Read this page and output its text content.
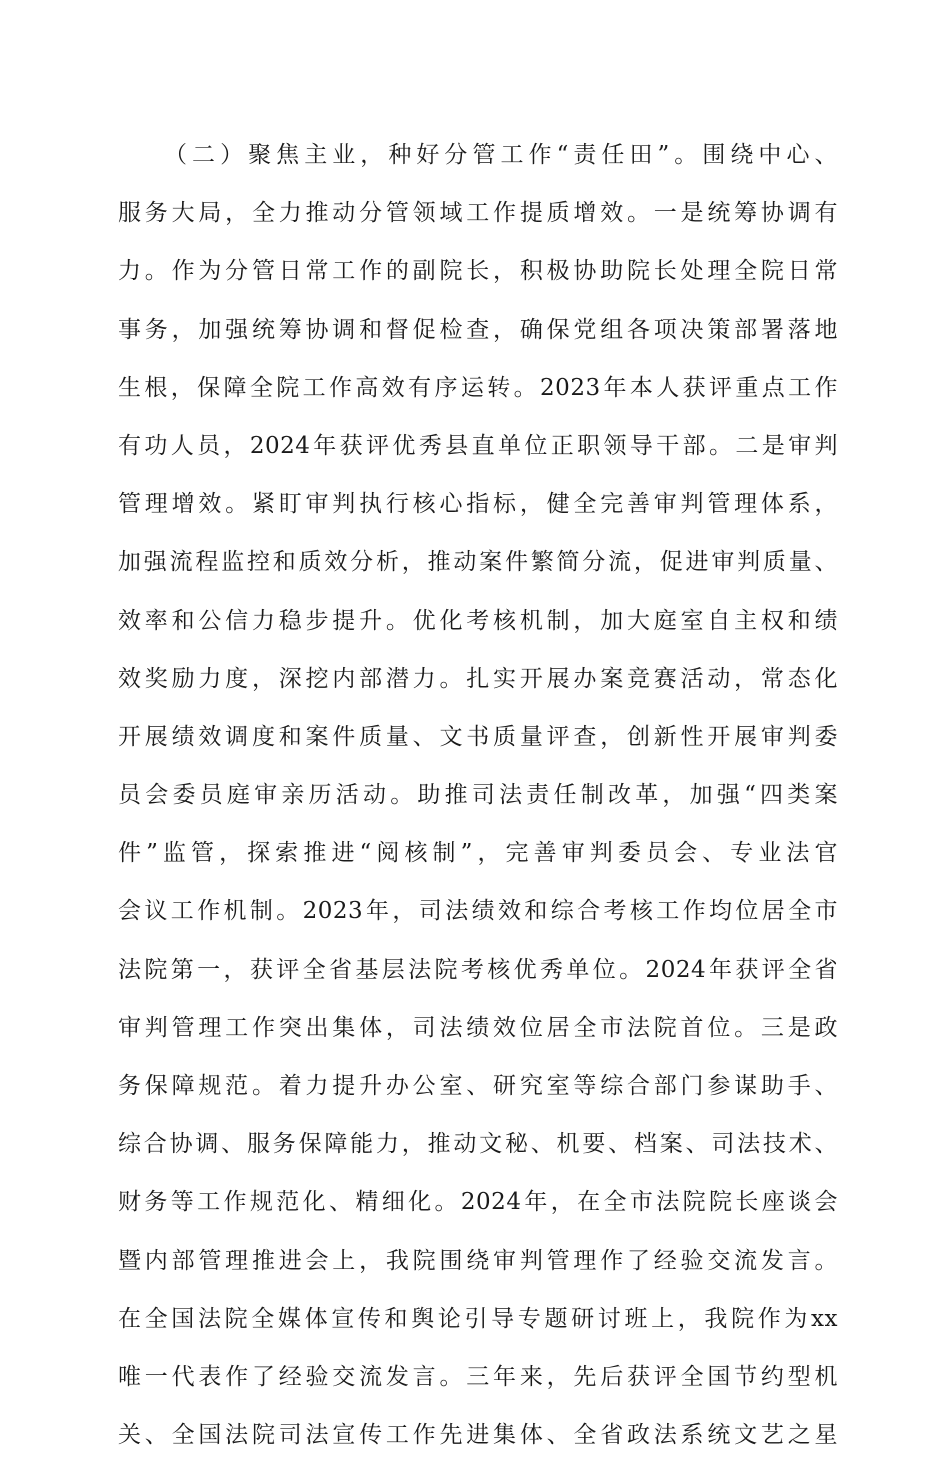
（二）聚焦主业，种好分管工作“责任田”。围绕中心、
服务大局，全力推动分管领域工作提质增效。一是统筹协调有
力。作为分管日常工作的副院长，积极协助院长处理全院日常
事务，加强统筹协调和督促检查，确保党组各项决策部署落地
生根，保障全院工作高效有序运转。2023年本人获评重点工作
有功人员，2024年获评优秀县直单位正职领导干部。二是审判
管理增效。紧盯审判执行核心指标，健全完善审判管理体系，
加强流程监控和质效分析，推动案件繁简分流，促进审判质量、
效率和公信力稳步提升。优化考核机制，加大庭室自主权和绩
效奖励力度，深挖内部潜力。扎实开展办案竞赛活动，常态化
开展绩效调度和案件质量、文书质量评查，创新性开展审判委
员会委员庭审亲历活动。助推司法责任制改革，加强“四类案
件”监管，探索推进“阅核制”，完善审判委员会、专业法官
会议工作机制。2023年，司法绩效和综合考核工作均位居全市
法院第一，获评全省基层法院考核优秀单位。2024年获评全省
审判管理工作突出集体，司法绩效位居全市法院首位。三是政
务保障规范。着力提升办公室、研究室等综合部门参谋助手、
综合协调、服务保障能力，推动文秘、机要、档案、司法技术、
财务等工作规范化、精细化。2024年，在全市法院院长座谈会
暨内部管理推进会上，我院围绕审判管理作了经验交流发言。
在全国法院全媒体宣传和舆论引导专题研讨班上，我院作为xx
唯一代表作了经验交流发言。三年来，先后获评全国节约型机
关、全国法院司法宣传工作先进集体、全省政法系统文艺之星
